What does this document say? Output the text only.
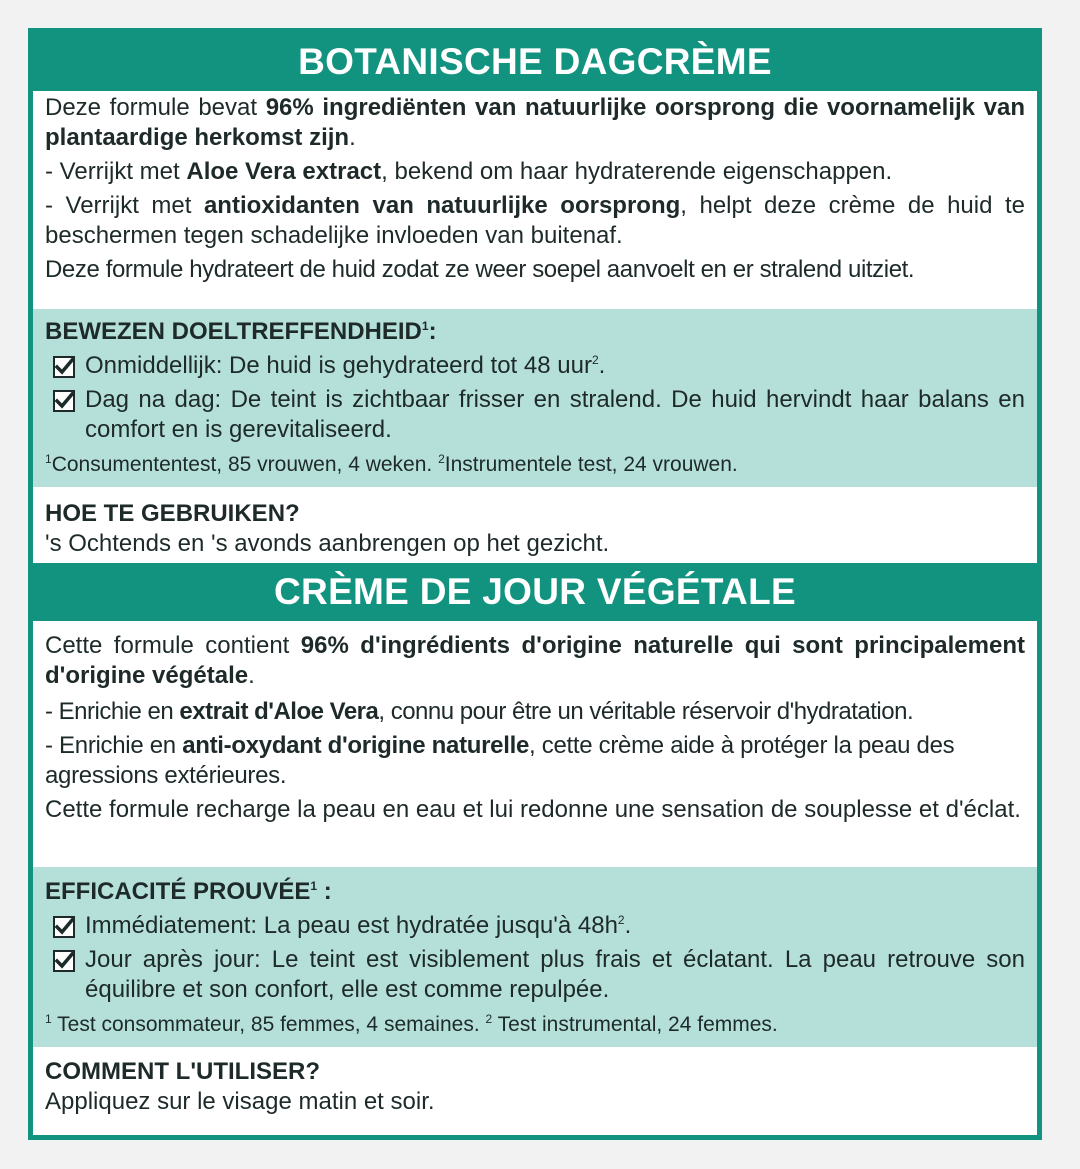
BOTANISCHE DAGCRÈME

Deze formule bevat 96% ingrediënten van natuurlijke oorsprong die voornamelijk van plantaardige herkomst zijn.

- Verrijkt met Aloe Vera extract, bekend om haar hydraterende eigenschappen.

- Verrijkt met antioxidanten van natuurlijke oorsprong, helpt deze crème de huid te beschermen tegen schadelijke invloeden van buitenaf.

Deze formule hydrateert de huid zodat ze weer soepel aanvoelt en er stralend uitziet.

BEWEZEN DOELTREFFENDHEID$^1$:

Onmiddellijk: De huid is gehydrateerd tot 48 uur$^2$.
Dag na dag: De teint is zichtbaar frisser en stralend. De huid hervindt haar balans en comfort en is gerevitaliseerd.

$^1$Consumententest, 85 vrouwen, 4 weken. $^2$Instrumentele test, 24 vrouwen.

HOE TE GEBRUIKEN?

's Ochtends en 's avonds aanbrengen op het gezicht.

CRÈME DE JOUR VÉGÉTALE

Cette formule contient 96% d'ingrédients d'origine naturelle qui sont principalement d'origine végétale.

- Enrichie en extrait d'Aloe Vera, connu pour être un véritable réservoir d'hydratation.

- Enrichie en anti-oxydant d'origine naturelle, cette crème aide à protéger la peau des agressions extérieures.

Cette formule recharge la peau en eau et lui redonne une sensation de souplesse et d'éclat.

EFFICACITÉ PROUVÉE$^1$ :

Immédiatement: La peau est hydratée jusqu'à $48h^2$.
Jour après jour: Le teint est visiblement plus frais et éclatant. La peau retrouve son équilibre et son confort, elle est comme repulpée.

$^1$ Test consommateur, 85 femmes, 4 semaines. $^2$ Test instrumental, 24 femmes.

COMMENT L'UTILISER?

Appliquez sur le visage matin et soir.
